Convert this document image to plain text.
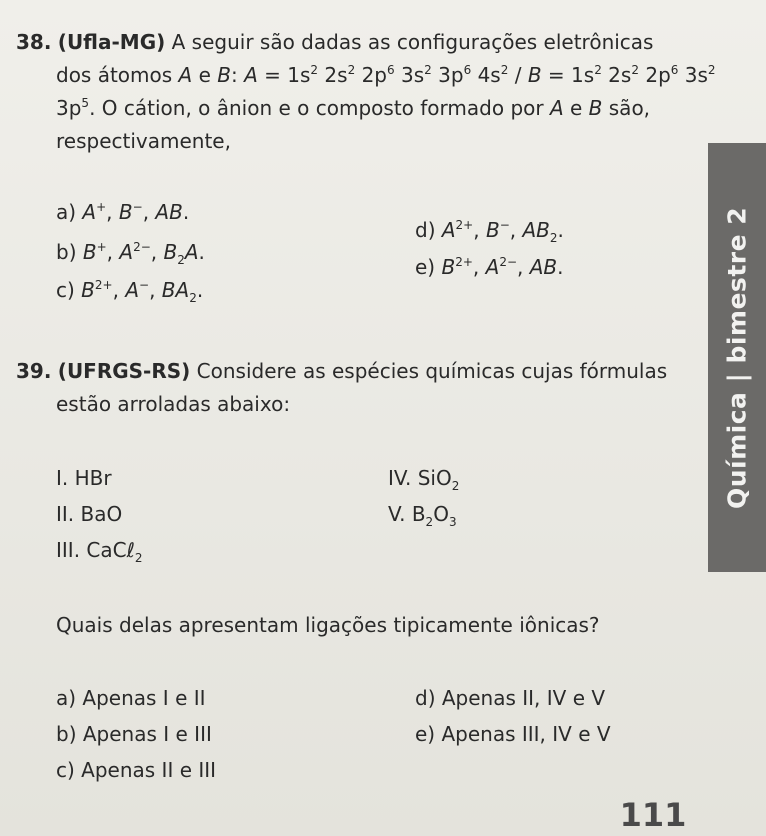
38. (Ufla-MG) A seguir são dadas as configurações eletrônicas
dos átomos A e B: $A = 1s^2$ $2s^2$ $2p^6$ $3s^2$ $3p^6$ $4s^2 / B = 1s^2$ $2s^2$ $2p^6$ $3s^2$
$3p^5$. O cátion, o ânion e o composto formado por A e B são,
respectivamente,
a) A+, B−, AB.
b) B+, $A^{2-}$, $B_2A$.
c) $B^{2+}$, A−, $BA_2$.
d) $A^{2+}$, B−, $AB_2$.
e) $B^{2+}$, $A^{2-}$, AB.
39. (UFRGS-RS) Considere as espécies químicas cujas fórmulas
estão arroladas abaixo:
I. HBr
II. BaO
III. CaCℓ$_2$
IV. SiO$_2$
V. $B_2O_3$
Quais delas apresentam ligações tipicamente iônicas?
a) Apenas I e II
b) Apenas I e III
c) Apenas II e III
d) Apenas II, IV e V
e) Apenas III, IV e V
Química | bimestre 2
111
